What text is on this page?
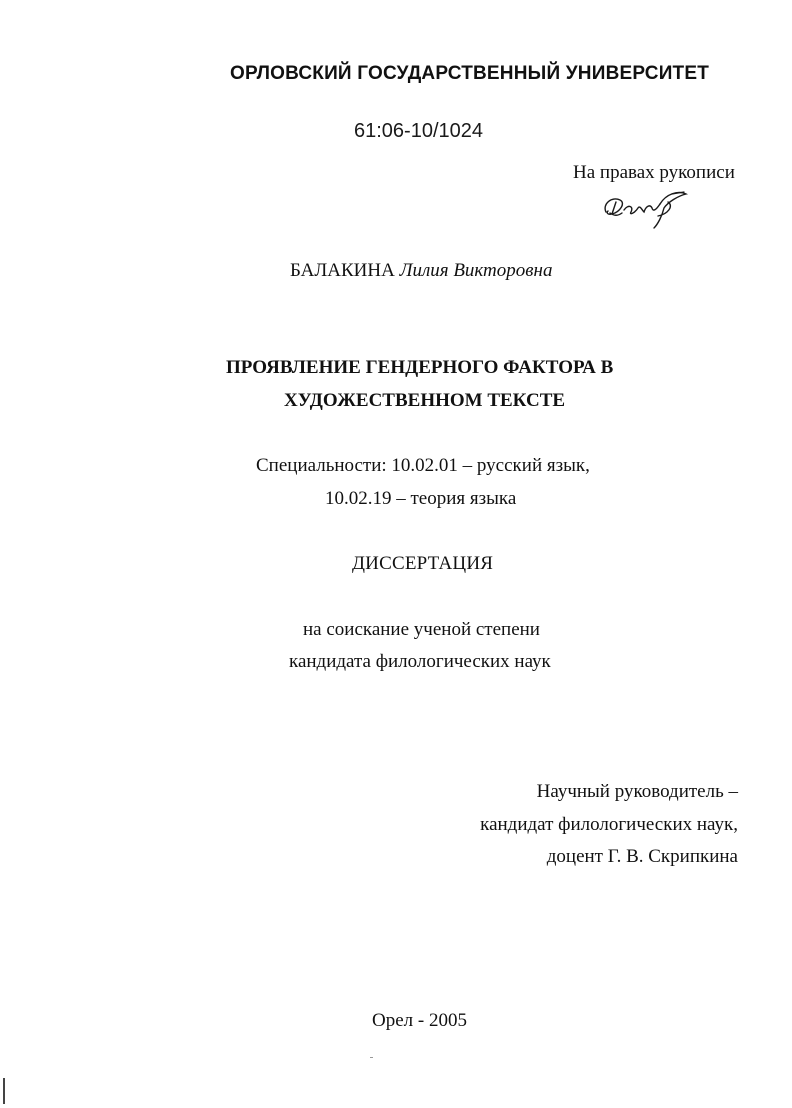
ОРЛОВСКИЙ ГОСУДАРСТВЕННЫЙ УНИВЕРСИТЕТ
61:06-10/1024
На правах рукописи
БАЛАКИНА Лилия Викторовна
ПРОЯВЛЕНИЕ ГЕНДЕРНОГО ФАКТОРА В
ХУДОЖЕСТВЕННОМ ТЕКСТЕ
Специальности: 10.02.01 – русский язык,
10.02.19 – теория языка
ДИССЕРТАЦИЯ
на соискание ученой степени
кандидата филологических наук
Научный руководитель –
кандидат филологических наук,
доцент Г. В. Скрипкина
Орел - 2005
